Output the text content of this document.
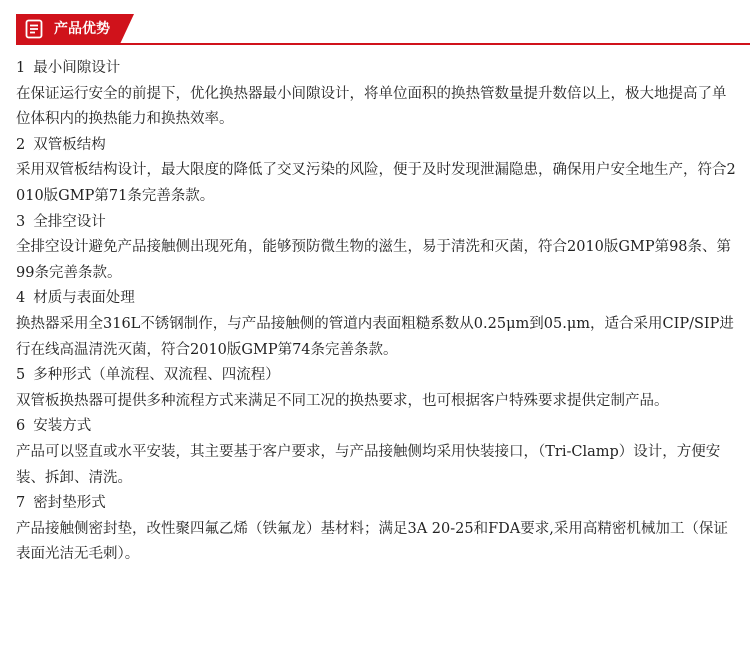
产品优势
1 最小间隙设计
在保证运行安全的前提下，优化换热器最小间隙设计，将单位面积的换热管数量提升数倍以上，极大地提高了单位体积内的换热能力和换热效率。
2 双管板结构
采用双管板结构设计，最大限度的降低了交叉污染的风险，便于及时发现泄漏隐患，确保用户安全地生产，符合2010版GMP第71条完善条款。
3 全排空设计
全排空设计避免产品接触侧出现死角，能够预防微生物的滋生，易于清洗和灭菌，符合2010版GMP第98条、第99条完善条款。
4 材质与表面处理
换热器采用全316L不锈钢制作，与产品接触侧的管道内表面粗糙系数从0.25μm到05.μm，适合采用CIP/SIP进行在线高温清洗灭菌，符合2010版GMP第74条完善条款。
5 多种形式（单流程、双流程、四流程）
双管板换热器可提供多种流程方式来满足不同工况的换热要求，也可根据客户特殊要求提供定制产品。
6 安装方式
产品可以竖直或水平安装，其主要基于客户要求，与产品接触侧均采用快装接口，（Tri-Clamp）设计，方便安装、拆卸、清洗。
7 密封垫形式
产品接触侧密封垫，改性聚四氟乙烯（铁氟龙）基材料；满足3A 20-25和FDA要求,采用高精密机械加工（保证表面光洁无毛刺）。
